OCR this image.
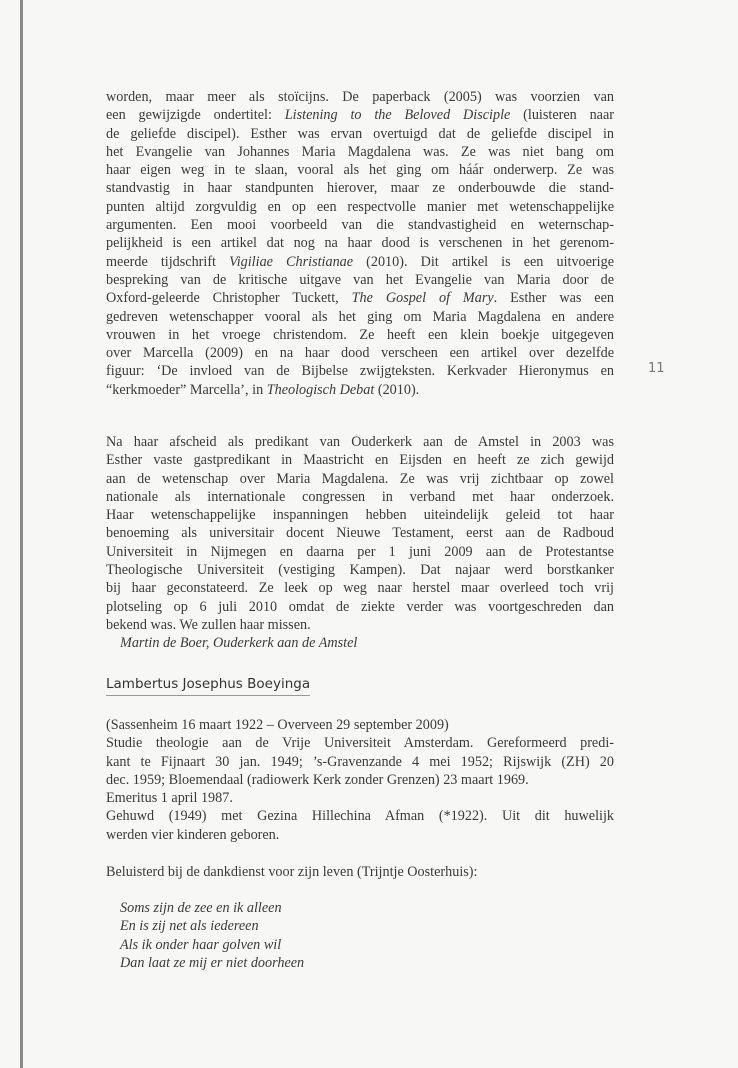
worden, maar meer als stoïcijns. De paperback (2005) was voorzien van
een gewijzigde ondertitel: Listening to the Beloved Disciple (luisteren naar
de geliefde discipel). Esther was ervan overtuigd dat de geliefde discipel in
het Evangelie van Johannes Maria Magdalena was. Ze was niet bang om
haar eigen weg in te slaan, vooral als het ging om háár onderwerp. Ze was
standvastig in haar standpunten hierover, maar ze onderbouwde die stand-
punten altijd zorgvuldig en op een respectvolle manier met wetenschappelijke
argumenten. Een mooi voorbeeld van die standvastigheid en weternschap-
pelijkheid is een artikel dat nog na haar dood is verschenen in het gerenom-
meerde tijdschrift Vigiliae Christianae (2010). Dit artikel is een uitvoerige
bespreking van de kritische uitgave van het Evangelie van Maria door de
Oxford-geleerde Christopher Tuckett, The Gospel of Mary. Esther was een
gedreven wetenschapper vooral als het ging om Maria Magdalena en andere
vrouwen in het vroege christendom. Ze heeft een klein boekje uitgegeven
over Marcella (2009) en na haar dood verscheen een artikel over dezelfde
figuur: ‘De invloed van de Bijbelse zwijgteksten. Kerkvader Hieronymus en
“kerkmoeder” Marcella’, in Theologisch Debat (2010).
Na haar afscheid als predikant van Ouderkerk aan de Amstel in 2003 was
Esther vaste gastpredikant in Maastricht en Eijsden en heeft ze zich gewijd
aan de wetenschap over Maria Magdalena. Ze was vrij zichtbaar op zowel
nationale als internationale congressen in verband met haar onderzoek.
Haar wetenschappelijke inspanningen hebben uiteindelijk geleid tot haar
benoeming als universitair docent Nieuwe Testament, eerst aan de Radboud
Universiteit in Nijmegen en daarna per 1 juni 2009 aan de Protestantse
Theologische Universiteit (vestiging Kampen). Dat najaar werd borstkanker
bij haar geconstateerd. Ze leek op weg naar herstel maar overleed toch vrij
plotseling op 6 juli 2010 omdat de ziekte verder was voortgeschreden dan
bekend was. We zullen haar missen.
Martin de Boer, Ouderkerk aan de Amstel
11
Lambertus Josephus Boeyinga
(Sassenheim 16 maart 1922 – Overveen 29 september 2009)
Studie theologie aan de Vrije Universiteit Amsterdam. Gereformeerd predi-
kant te Fijnaart 30 jan. 1949; ’s-Gravenzande 4 mei 1952; Rijswijk (ZH) 20
dec. 1959; Bloemendaal (radiowerk Kerk zonder Grenzen) 23 maart 1969.
Emeritus 1 april 1987.
Gehuwd (1949) met Gezina Hillechina Afman (*1922). Uit dit huwelijk
werden vier kinderen geboren.
Beluisterd bij de dankdienst voor zijn leven (Trijntje Oosterhuis):
Soms zijn de zee en ik alleen
En is zij net als iedereen
Als ik onder haar golven wil
Dan laat ze mij er niet doorheen
